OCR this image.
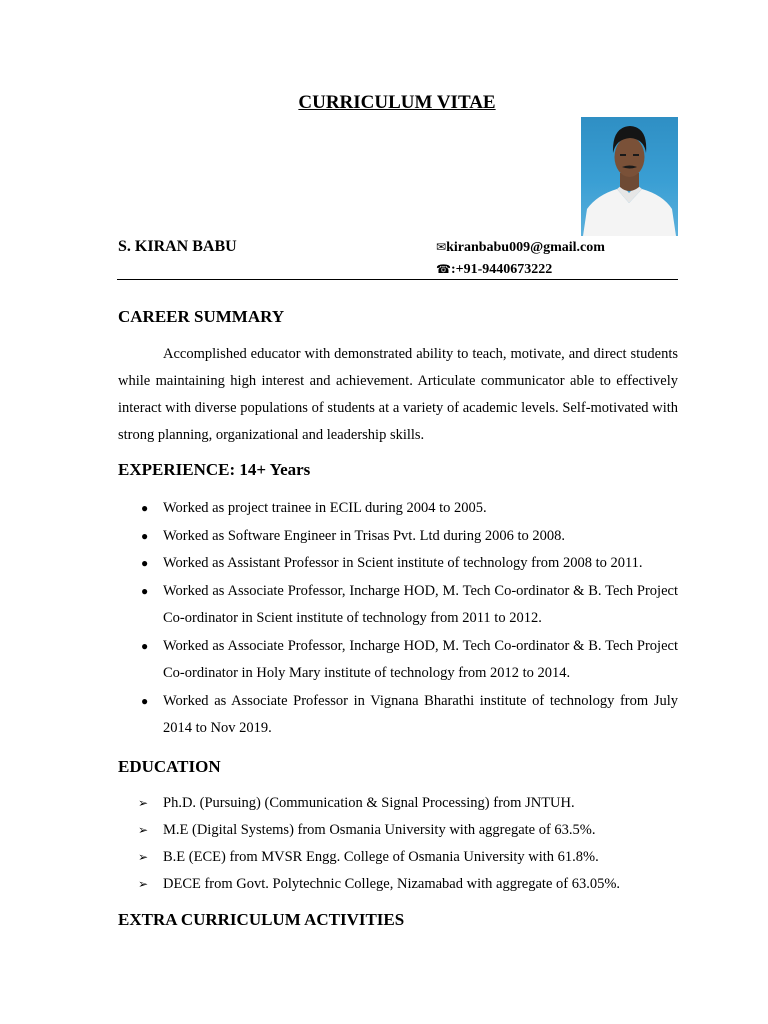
CURRICULUM VITAE
S. KIRAN BABU	✉kiranbabu009@gmail.com
☎:+91-9440673222
CAREER SUMMARY

Accomplished educator with demonstrated ability to teach, motivate, and direct students while maintaining high interest and achievement. Articulate communicator able to effectively interact with diverse populations of students at a variety of academic levels. Self-motivated with strong planning, organizational and leadership skills.

EXPERIENCE: 14+ Years
● Worked as project trainee in ECIL during 2004 to 2005.
● Worked as Software Engineer in Trisas Pvt. Ltd during 2006 to 2008.
● Worked as Assistant Professor in Scient institute of technology from 2008 to 2011.
● Worked as Associate Professor, Incharge HOD, M. Tech Co-ordinator & B. Tech Project Co-ordinator in Scient institute of technology from 2011 to 2012.
● Worked as Associate Professor, Incharge HOD, M. Tech Co-ordinator & B. Tech Project Co-ordinator in Holy Mary institute of technology from 2012 to 2014.
● Worked as Associate Professor in Vignana Bharathi institute of technology from July 2014 to Nov 2019.
EDUCATION
➢ Ph.D. (Pursuing) (Communication & Signal Processing) from JNTUH.
➢ M.E (Digital Systems) from Osmania University with aggregate of 63.5%.
➢ B.E (ECE) from MVSR Engg. College of Osmania University with 61.8%.
➢ DECE from Govt. Polytechnic College, Nizamabad with aggregate of 63.05%.
EXTRA CURRICULUM ACTIVITIES
